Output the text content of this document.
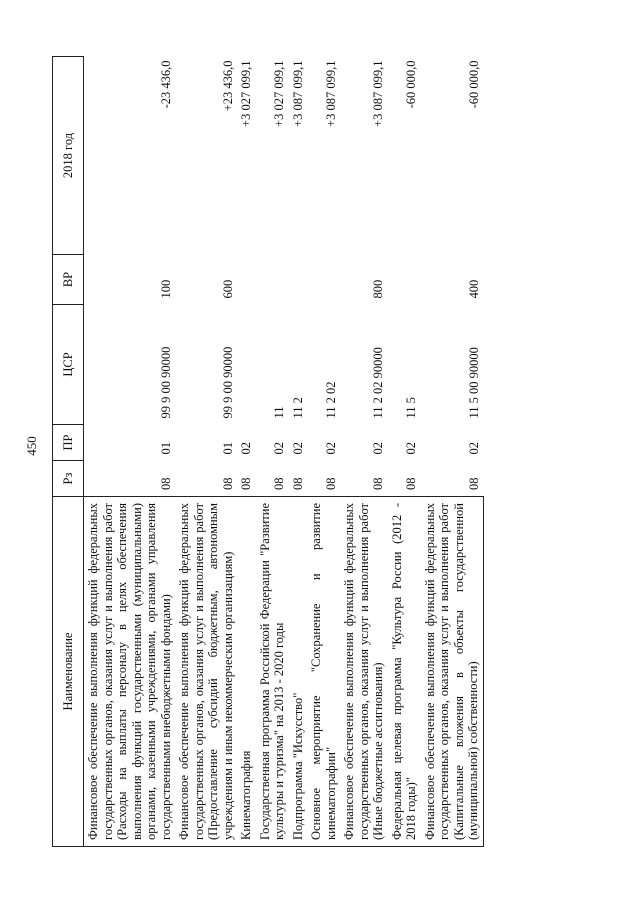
450
Наименование	Рз	ПР	ЦСР	ВР	2018 год
Финансовое обеспечение выполнения функций федеральных государственных органов, оказания услуг и выполнения работ (Расходы на выплаты персоналу в целях обеспечения выполнения функций государственными (муниципальными) органами, казенными учреждениями, органами управления государственными внебюджетными фондами)	08	01	99 9 00 90000	100	-23 436,0
Финансовое обеспечение выполнения функций федеральных государственных органов, оказания услуг и выполнения работ (Предоставление субсидий бюджетным, автономным учреждениям и иным некоммерческим организациям)	08	01	99 9 00 90000	600	+23 436,0
Кинематография	08	02			+3 027 099,1
Государственная программа Российской Федерации "Развитие культуры и туризма" на 2013 - 2020 годы	08	02	11		+3 027 099,1
Подпрограмма "Искусство"	08	02	11 2		+3 087 099,1
Основное мероприятие "Сохранение и развитие кинематографии"	08	02	11 2 02		+3 087 099,1
Финансовое обеспечение выполнения функций федеральных государственных органов, оказания услуг и выполнения работ (Иные бюджетные ассигнования)	08	02	11 2 02 90000	800	+3 087 099,1
Федеральная целевая программа "Культура России (2012 - 2018 годы)"	08	02	11 5		-60 000,0
Финансовое обеспечение выполнения функций федеральных государственных органов, оказания услуг и выполнения работ (Капитальные вложения в объекты государственной (муниципальной) собственности)	08	02	11 5 00 90000	400	-60 000,0
